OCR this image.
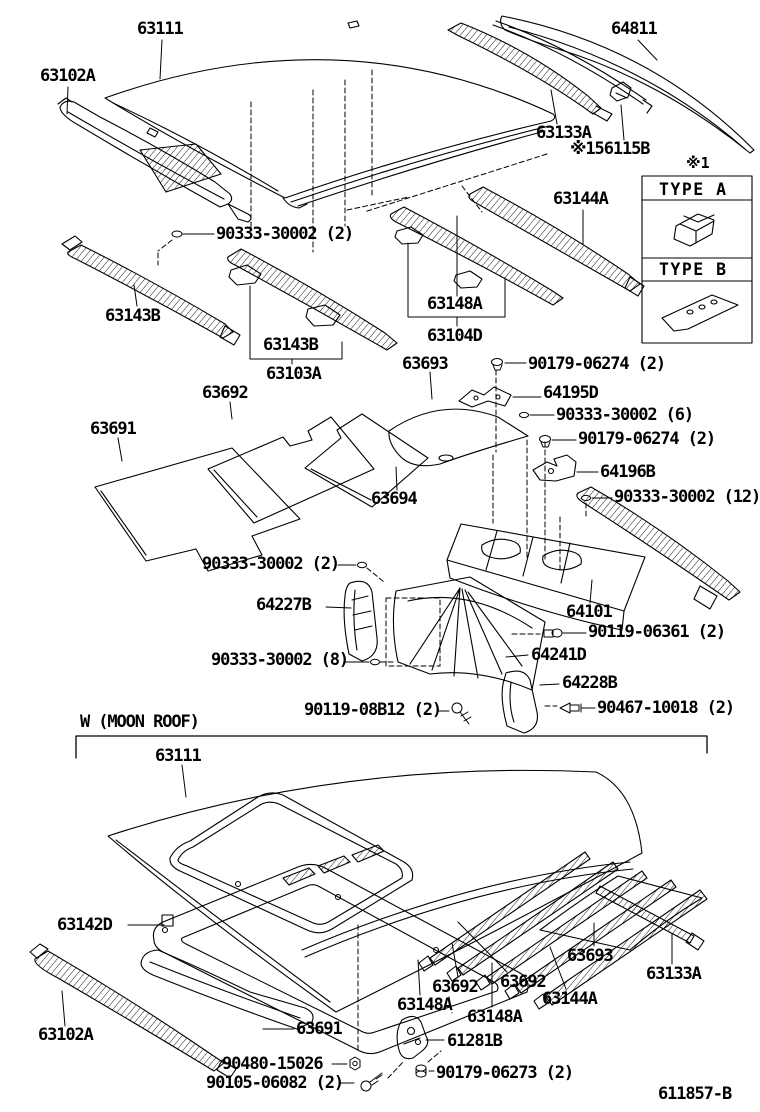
63111
63102A
64811
63133A
※156115B
63144A
90333-30002 (2)
63143B
63148A
63104D
63143B
63103A	63693	90179-06274 (2)
64195D
63692
90333-30002 (6)
63691	90179-06274 (2)
64196B
90333-30002 (12)
63694
90333-30002 (2)
64227B	64101
90119-06361 (2)
64241D
90333-30002 (8)
64228B
90119-08B12 (2)	90467-10018 (2)
W (MOON ROOF)
63111
63142D
63102A	63691
90480-15026
90105-06082 (2)
63692 63692
63693
63133A
63148A	63144A
63148A
61281B
90179-06273 (2)
※1
TYPE A
TYPE B
611857-B
